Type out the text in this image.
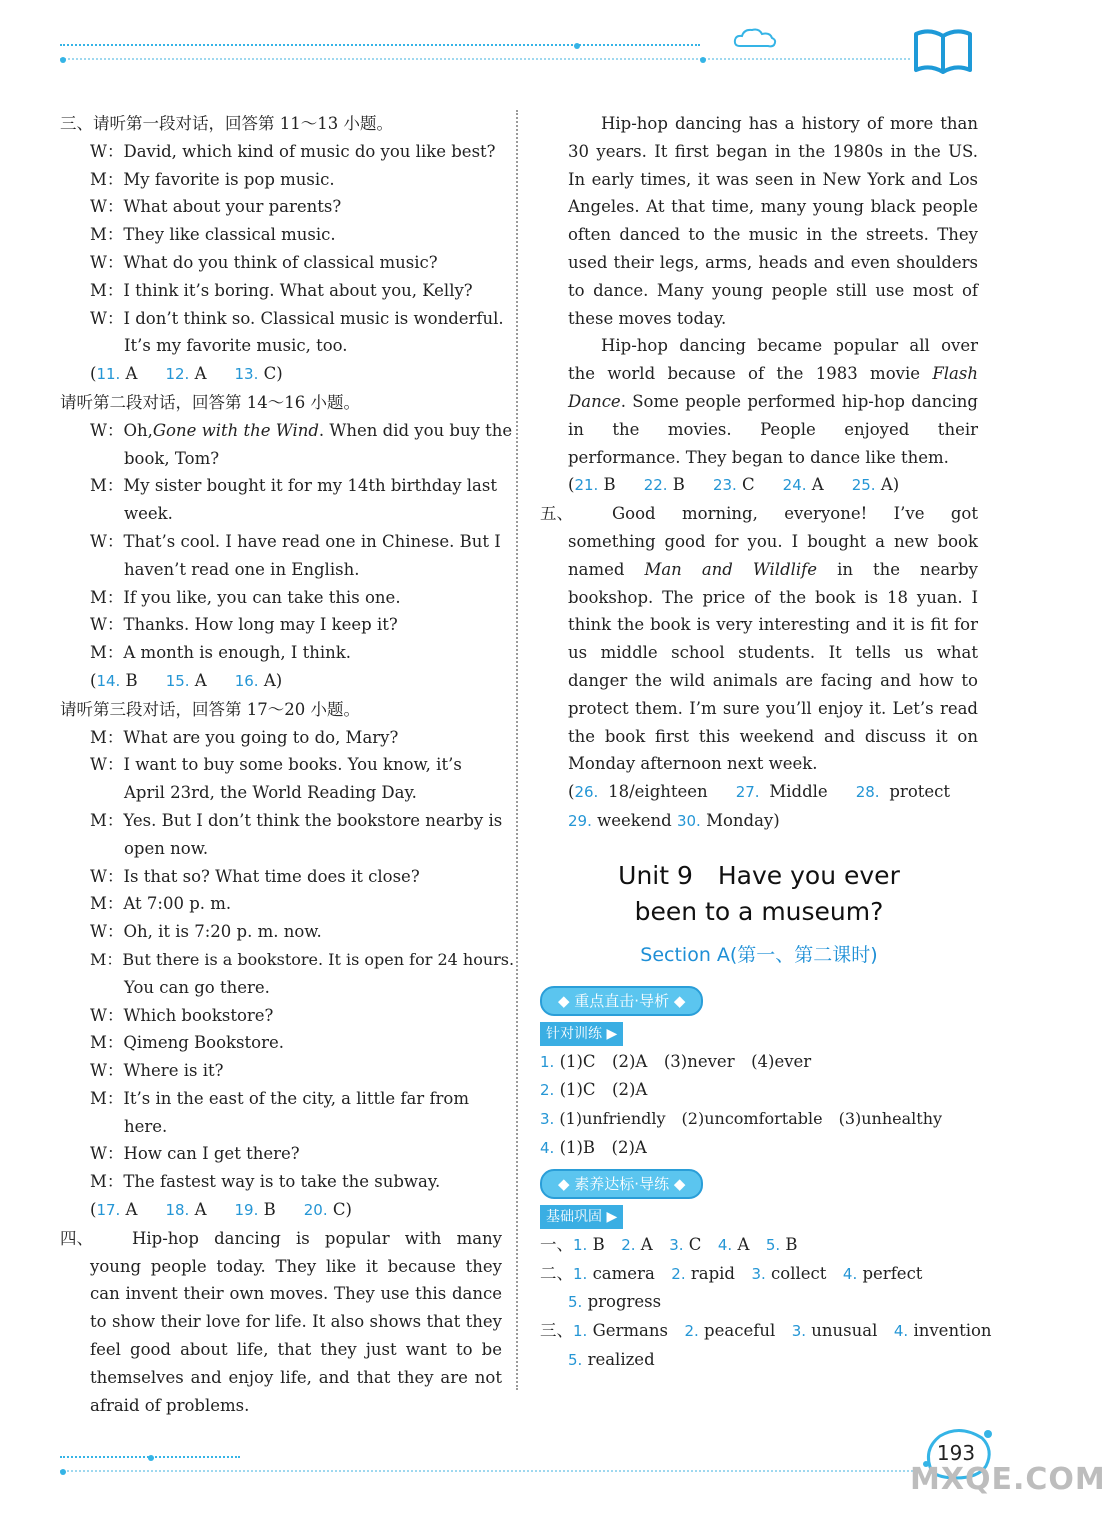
三、请听第一段对话，回答第 11～13 小题。
W：David, which kind of music do you like best?
M：My favorite is pop music.
W：What about your parents?
M：They like classical music.
W：What do you think of classical music?
M：I think it’s boring. What about you, Kelly?
W：I don’t think so. Classical music is wonderful.
It’s my favorite music, too.
(11. A 12. A 13. C)
请听第二段对话，回答第 14～16 小题。
W：Oh,Gone with the Wind. When did you buy the
book, Tom?
M：My sister bought it for my 14th birthday last
week.
W：That’s cool. I have read one in Chinese. But I
haven’t read one in English.
M：If you like, you can take this one.
W：Thanks. How long may I keep it?
M：A month is enough, I think.
(14. B 15. A 16. A)
请听第三段对话，回答第 17～20 小题。
M：What are you going to do, Mary?
W：I want to buy some books. You know, it’s
April 23rd, the World Reading Day.
M：Yes. But I don’t think the bookstore nearby is
open now.
W：Is that so? What time does it close?
M：At 7:00 p. m.
W：Oh, it is 7:20 p. m. now.
M：But there is a bookstore. It is open for 24 hours.
You can go there.
W：Which bookstore?
M：Qimeng Bookstore.
W：Where is it?
M：It’s in the east of the city, a little far from
here.
W：How can I get there?
M：The fastest way is to take the subway.
(17. A 18. A 19. B 20. C)
四、	Hip-hop dancing is popular with many young people today. They like it because they can invent their own moves. They use this dance to show their love for life. It also shows that they feel good about life, that they just want to be themselves and enjoy life, and that they are not afraid of problems.
Hip-hop dancing has a history of more than 30 years. It first began in the 1980s in the US. In early times, it was seen in New York and Los Angeles. At that time, many young black people often danced to the music in the streets. They used their legs, arms, heads and even shoulders to dance. Many young people still use most of these moves today.
Hip-hop dancing became popular all over the world because of the 1983 movie Flash Dance. Some people performed hip-hop dancing in the movies. People enjoyed their performance. They began to dance like them.
(21. B 22. B 23. C 24. A 25. A)
五、	Good morning, everyone! I’ve got something good for you. I bought a new book named Man and Wildlife in the nearby bookshop. The price of the book is 18 yuan. I think the book is very interesting and it is fit for us middle school students. It tells us what danger the wild animals are facing and how to protect them. I’m sure you’ll enjoy it. Let’s read the book first this weekend and discuss it on Monday afternoon next week.
(26. 18/eighteen 27. Middle 28. protect29. weekend 30. Monday)
Unit 9　Have you ever
been to a museum?
Section A(第一、第二课时)
◆ 重点直击·导析 ◆
针对训练 ▶
1. (1)C　(2)A　(3)never　(4)ever
2. (1)C　(2)A
3. (1)unfriendly　(2)uncomfortable　(3)unhealthy
4. (1)B　(2)A
◆ 素养达标·导练 ◆
基础巩固 ▶
一、1. B　 2. A　 3. C　 4. A　 5. B
二、1. camera　 2. rapid　 3. collect　 4. perfect
5. progress
三、1. Germans　 2. peaceful　 3. unusual　 4. invention
5. realized
193
MXQE.COM
